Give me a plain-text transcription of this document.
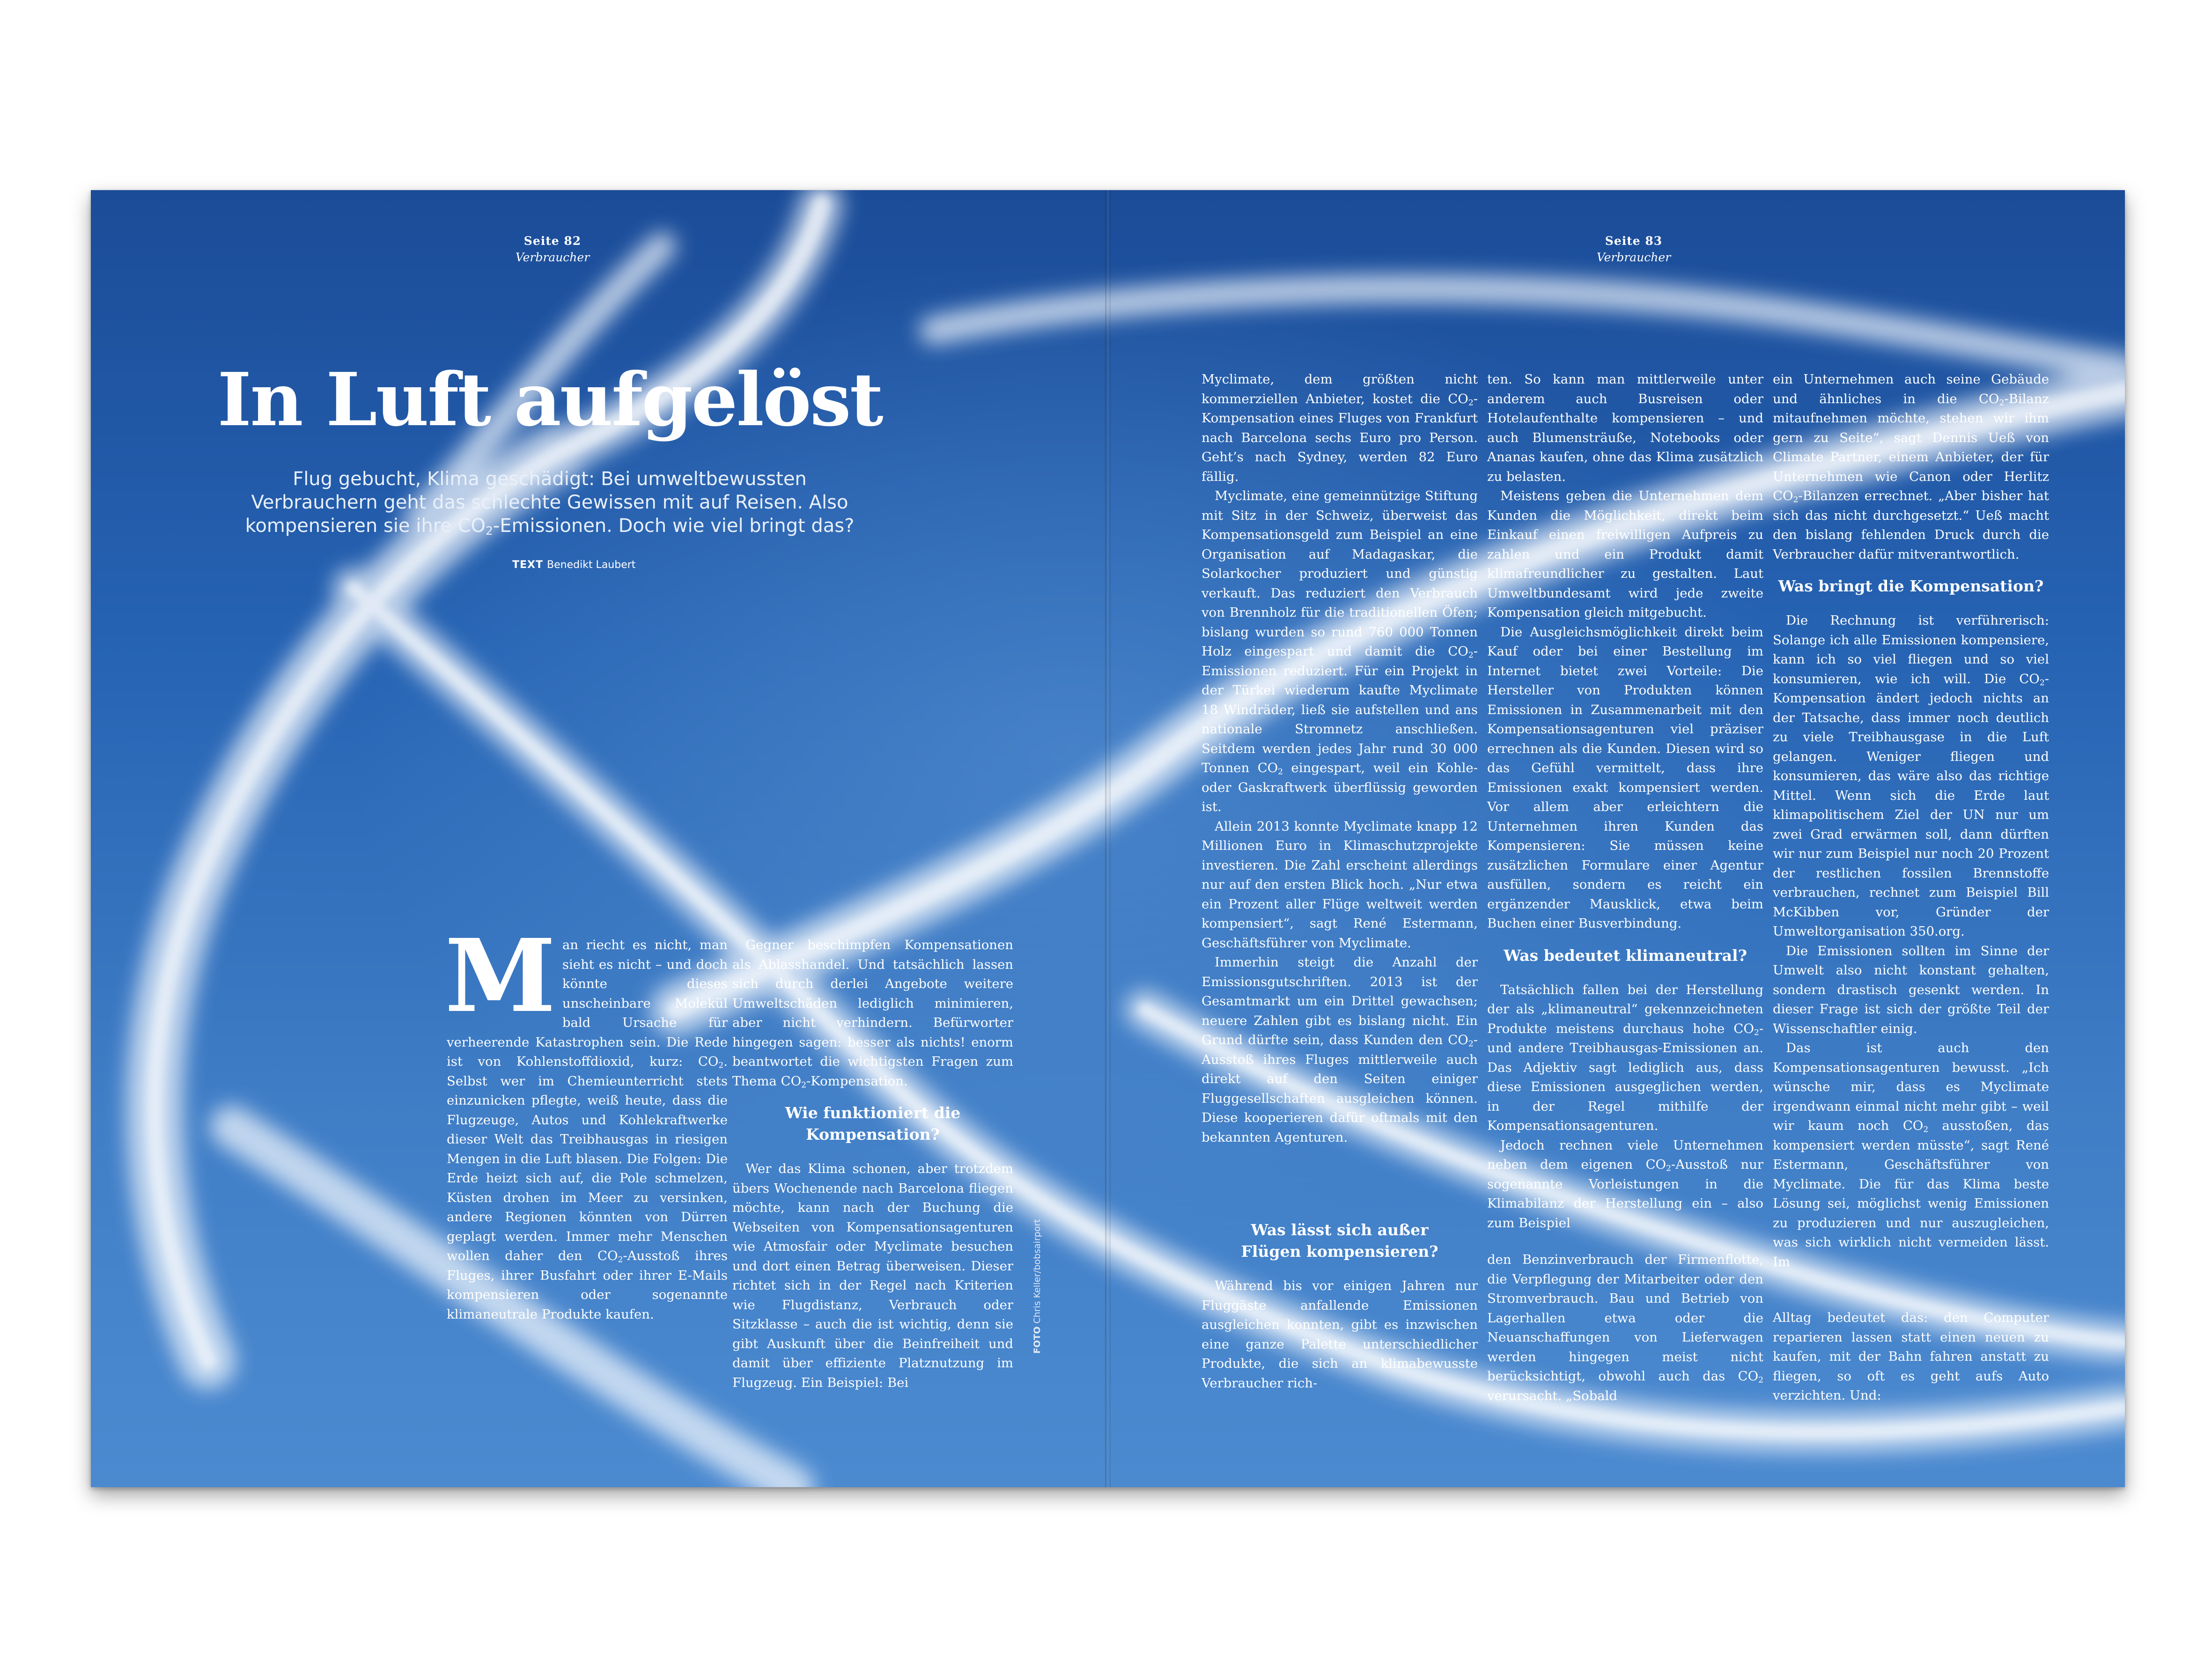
Seite 82
Verbraucher
Seite 83
Verbraucher
In Luft aufgelöst
Flug gebucht, Klima geschädigt: Bei umweltbewussten Verbrauchern geht das schlechte Gewissen mit auf Reisen. Also kompensieren sie ihre $CO_2$-Emissionen. Doch wie viel bringt das?
TEXT Benedikt Laubert

Man riecht es nicht, man sieht es nicht – und doch könnte dieses unscheinbare Molekül bald Ursache für verheerende Katastrophen sein. Die Rede ist von Kohlenstoffdioxid, kurz: $CO_2$. Selbst wer im Chemieunterricht stets einzunicken pflegte, weiß heute, dass die Flugzeuge, Autos und Kohlekraftwerke dieser Welt das Treibhausgas in riesigen Mengen in die Luft blasen. Die Folgen: Die Erde heizt sich auf, die Pole schmelzen, Küsten drohen im Meer zu versinken, andere Regionen könnten von Dürren geplagt werden. Immer mehr Menschen wollen daher den $CO_2$-Ausstoß ihres Fluges, ihrer Busfahrt oder ihrer E-Mails kompensieren oder sogenannte klimaneutrale Produkte kaufen.

Gegner beschimpfen Kompensationen als Ablasshandel. Und tatsächlich lassen sich durch derlei Angebote weitere Umweltschäden lediglich minimieren, aber nicht verhindern. Befürworter hingegen sagen: besser als nichts! enorm beantwortet die wichtigsten Fragen zum Thema $CO_2$-Kompensation.

Wie funktioniert die Kompensation?

Wer das Klima schonen, aber trotzdem übers Wochenende nach Barcelona fliegen möchte, kann nach der Buchung die Webseiten von Kompensationsagenturen wie Atmosfair oder Myclimate besuchen und dort einen Betrag überweisen. Dieser richtet sich in der Regel nach Kriterien wie Flugdistanz, Verbrauch oder Sitzklasse – auch die ist wichtig, denn sie gibt Auskunft über die Beinfreiheit und damit über effiziente Platznutzung im Flugzeug. Ein Beispiel: Bei

FOTOChris Keller/bobsairport

Myclimate, dem größten nicht kommerziellen Anbieter, kostet die $CO_2$-Kompensation eines Fluges von Frankfurt nach Barcelona sechs Euro pro Person. Geht’s nach Sydney, werden 82 Euro fällig.

Myclimate, eine gemeinnützige Stiftung mit Sitz in der Schweiz, überweist das Kompensationsgeld zum Beispiel an eine Organisation auf Madagaskar, die Solarkocher produziert und günstig verkauft. Das reduziert den Verbrauch von Brennholz für die traditionellen Öfen; bislang wurden so rund 760 000 Tonnen Holz eingespart und damit die $CO_2$-Emissionen reduziert. Für ein Projekt in der Türkei wiederum kaufte Myclimate 18 Windräder, ließ sie aufstellen und ans nationale Stromnetz anschließen. Seitdem werden jedes Jahr rund 30 000 Tonnen $CO_2$ eingespart, weil ein Kohle- oder Gaskraftwerk überflüssig geworden ist.

Allein 2013 konnte Myclimate knapp 12 Millionen Euro in Klimaschutzprojekte investieren. Die Zahl erscheint allerdings nur auf den ersten Blick hoch. „Nur etwa ein Prozent aller Flüge weltweit werden kompensiert“, sagt René Estermann, Geschäftsführer von Myclimate.

Immerhin steigt die Anzahl der Emissionsgutschriften. 2013 ist der Gesamtmarkt um ein Drittel gewachsen; neuere Zahlen gibt es bislang nicht. Ein Grund dürfte sein, dass Kunden den $CO_2$-Ausstoß ihres Fluges mittlerweile auch direkt auf den Seiten einiger Fluggesellschaften ausgleichen können. Diese kooperieren dafür oftmals mit den bekannten Agenturen.

Was lässt sich außer Flügen kompensieren?

Während bis vor einigen Jahren nur Fluggäste anfallende Emissionen ausgleichen konnten, gibt es inzwischen eine ganze Palette unterschiedlicher Produkte, die sich an klimabewusste Verbraucher rich-

ten. So kann man mittlerweile unter anderem auch Busreisen oder Hotelaufenthalte kompensieren – und auch Blumensträuße, Notebooks oder Ananas kaufen, ohne das Klima zusätzlich zu belasten.

Meistens geben die Unternehmen dem Kunden die Möglichkeit, direkt beim Einkauf einen freiwilligen Aufpreis zu zahlen und ein Produkt damit klimafreundlicher zu gestalten. Laut Umweltbundesamt wird jede zweite Kompensation gleich mitgebucht.

Die Ausgleichsmöglichkeit direkt beim Kauf oder bei einer Bestellung im Internet bietet zwei Vorteile: Die Hersteller von Produkten können Emissionen in Zusammenarbeit mit den Kompensationsagenturen viel präziser errechnen als die Kunden. Diesen wird so das Gefühl vermittelt, dass ihre Emissionen exakt kompensiert werden. Vor allem aber erleichtern die Unternehmen ihren Kunden das Kompensieren: Sie müssen keine zusätzlichen Formulare einer Agentur ausfüllen, sondern es reicht ein ergänzender Mausklick, etwa beim Buchen einer Busverbindung.

Was bedeutet klimaneutral?

Tatsächlich fallen bei der Herstellung der als „klimaneutral“ gekennzeichneten Produkte meistens durchaus hohe $CO_2-$ und andere Treibhausgas-Emissionen an. Das Adjektiv sagt lediglich aus, dass diese Emissionen ausgeglichen werden, in der Regel mithilfe der Kompensationsagenturen.

Jedoch rechnen viele Unternehmen neben dem eigenen $CO_2$-Ausstoß nur sogenannte Vorleistungen in die Klimabilanz der Herstellung ein – also zum Beispiel

den Benzinverbrauch der Firmenflotte, die Verpflegung der Mitarbeiter oder den Stromverbrauch. Bau und Betrieb von Lagerhallen etwa oder die Neuanschaffungen von Lieferwagen werden hingegen meist nicht berücksichtigt, obwohl auch das $CO_2$ verursacht. „Sobald

ein Unternehmen auch seine Gebäude und ähnliches in die $CO_2$-Bilanz mitaufnehmen möchte, stehen wir ihm gern zu Seite“, sagt Dennis Ueß von Climate Partner, einem Anbieter, der für Unternehmen wie Canon oder Herlitz $CO_2$-Bilanzen errechnet. „Aber bisher hat sich das nicht durchgesetzt.“ Ueß macht den bislang fehlenden Druck durch die Verbraucher dafür mitverantwortlich.

Was bringt die Kompensation?

Die Rechnung ist verführerisch: Solange ich alle Emissionen kompensiere, kann ich so viel fliegen und so viel konsumieren, wie ich will. Die $CO_2$-Kompensation ändert jedoch nichts an der Tatsache, dass immer noch deutlich zu viele Treibhausgase in die Luft gelangen. Weniger fliegen und konsumieren, das wäre also das richtige Mittel. Wenn sich die Erde laut klimapolitischem Ziel der UN nur um zwei Grad erwärmen soll, dann dürften wir nur zum Beispiel nur noch 20 Prozent der restlichen fossilen Brennstoffe verbrauchen, rechnet zum Beispiel Bill McKibben vor, Gründer der Umweltorganisation 350.org.

Die Emissionen sollten im Sinne der Umwelt also nicht konstant gehalten, sondern drastisch gesenkt werden. In dieser Frage ist sich der größte Teil der Wissenschaftler einig.

Das ist auch den Kompensationsagenturen bewusst. „Ich wünsche mir, dass es Myclimate irgendwann einmal nicht mehr gibt – weil wir kaum noch $CO_2$ ausstoßen, das kompensiert werden müsste“, sagt René Estermann, Geschäftsführer von Myclimate. Die für das Klima beste Lösung sei, möglichst wenig Emissionen zu produzieren und nur auszugleichen, was sich wirklich nicht vermeiden lässt. Im

Alltag bedeutet das: den Computer reparieren lassen statt einen neuen zu kaufen, mit der Bahn fahren anstatt zu fliegen, so oft es geht aufs Auto verzichten. Und:
